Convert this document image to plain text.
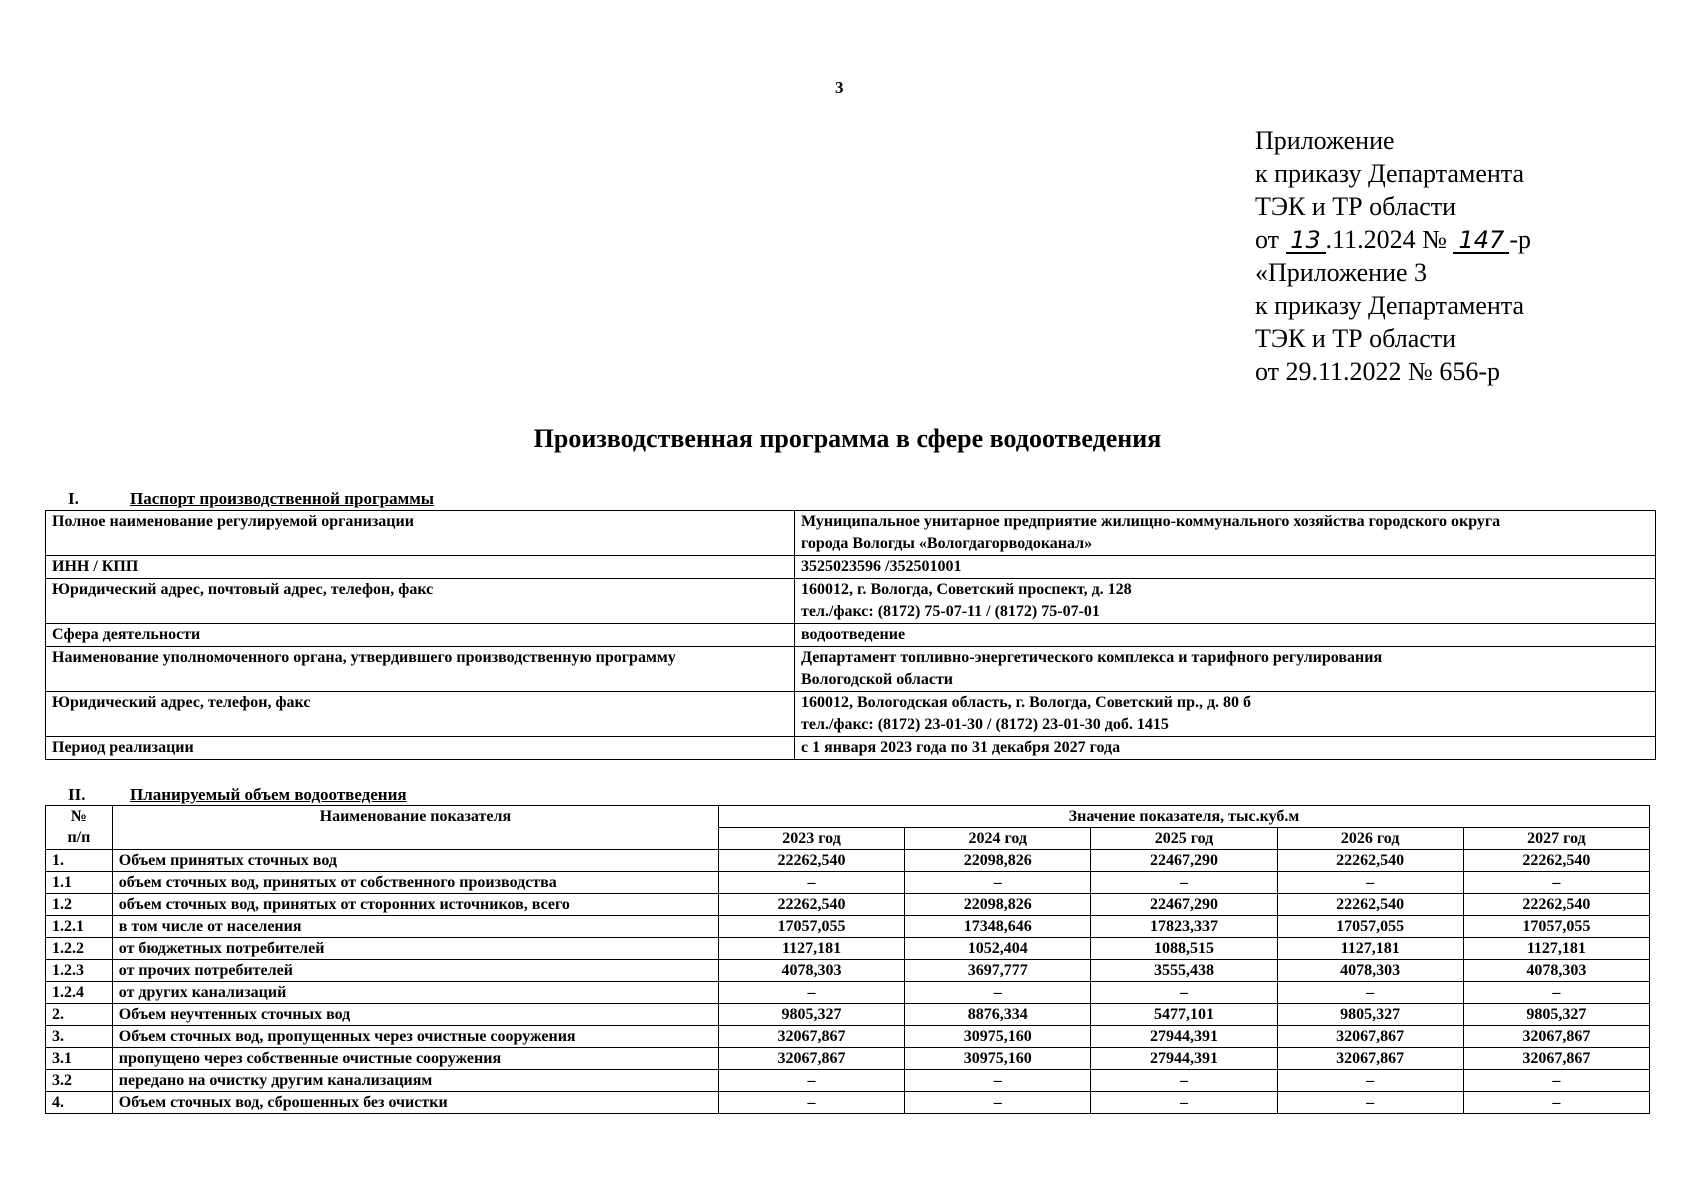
3
Приложение
к приказу Департамента
ТЭК и ТР области
от 13 .11.2024 № 147 -р
«Приложение 3
к приказу Департамента
ТЭК и ТР области
от 29.11.2022 № 656-р
Производственная программа в сфере водоотведения
I.	Паспорт производственной программы
Полное наименование регулируемой организации	Муниципальное унитарное предприятие жилищно-коммунального хозяйства городского округа
города Вологды «Вологдагорводоканал»

ИНН / КПП	3525023596 /352501001

Юридический адрес, почтовый адрес, телефон, факс	160012, г. Вологда, Советский проспект, д. 128
тел./факс: (8172) 75-07-11 / (8172) 75-07-01

Сфера деятельности	водоотведение

Наименование уполномоченного органа, утвердившего производственную программу	Департамент топливно-энергетического комплекса и тарифного регулирования
Вологодской области

Юридический адрес, телефон, факс	160012, Вологодская область, г. Вологда, Советский пр., д. 80 б
тел./факс: (8172) 23-01-30 / (8172) 23-01-30 доб. 1415

Период реализации	с 1 января 2023 года по 31 декабря 2027 года
II.	Планируемый объем водоотведения
№
п/п	Наименование показателя	Значение показателя, тыс.куб.м				
		2023 год	2024 год	2025 год	2026 год	2027 год
1.	Объем принятых сточных вод	22262,540	22098,826	22467,290	22262,540	22262,540
1.1	объем сточных вод, принятых от собственного производства	–	–	–	–	–
1.2	объем сточных вод, принятых от сторонних источников, всего	22262,540	22098,826	22467,290	22262,540	22262,540
1.2.1	в том числе от населения	17057,055	17348,646	17823,337	17057,055	17057,055
1.2.2	от бюджетных потребителей	1127,181	1052,404	1088,515	1127,181	1127,181
1.2.3	от прочих потребителей	4078,303	3697,777	3555,438	4078,303	4078,303
1.2.4	от других канализаций	–	–	–	–	–
2.	Объем неучтенных сточных вод	9805,327	8876,334	5477,101	9805,327	9805,327
3.	Объем сточных вод, пропущенных через очистные сооружения	32067,867	30975,160	27944,391	32067,867	32067,867
3.1	пропущено через собственные очистные сооружения	32067,867	30975,160	27944,391	32067,867	32067,867
3.2	передано на очистку другим канализациям	–	–	–	–	–
4.	Объем сточных вод, сброшенных без очистки	–	–	–	–	–
